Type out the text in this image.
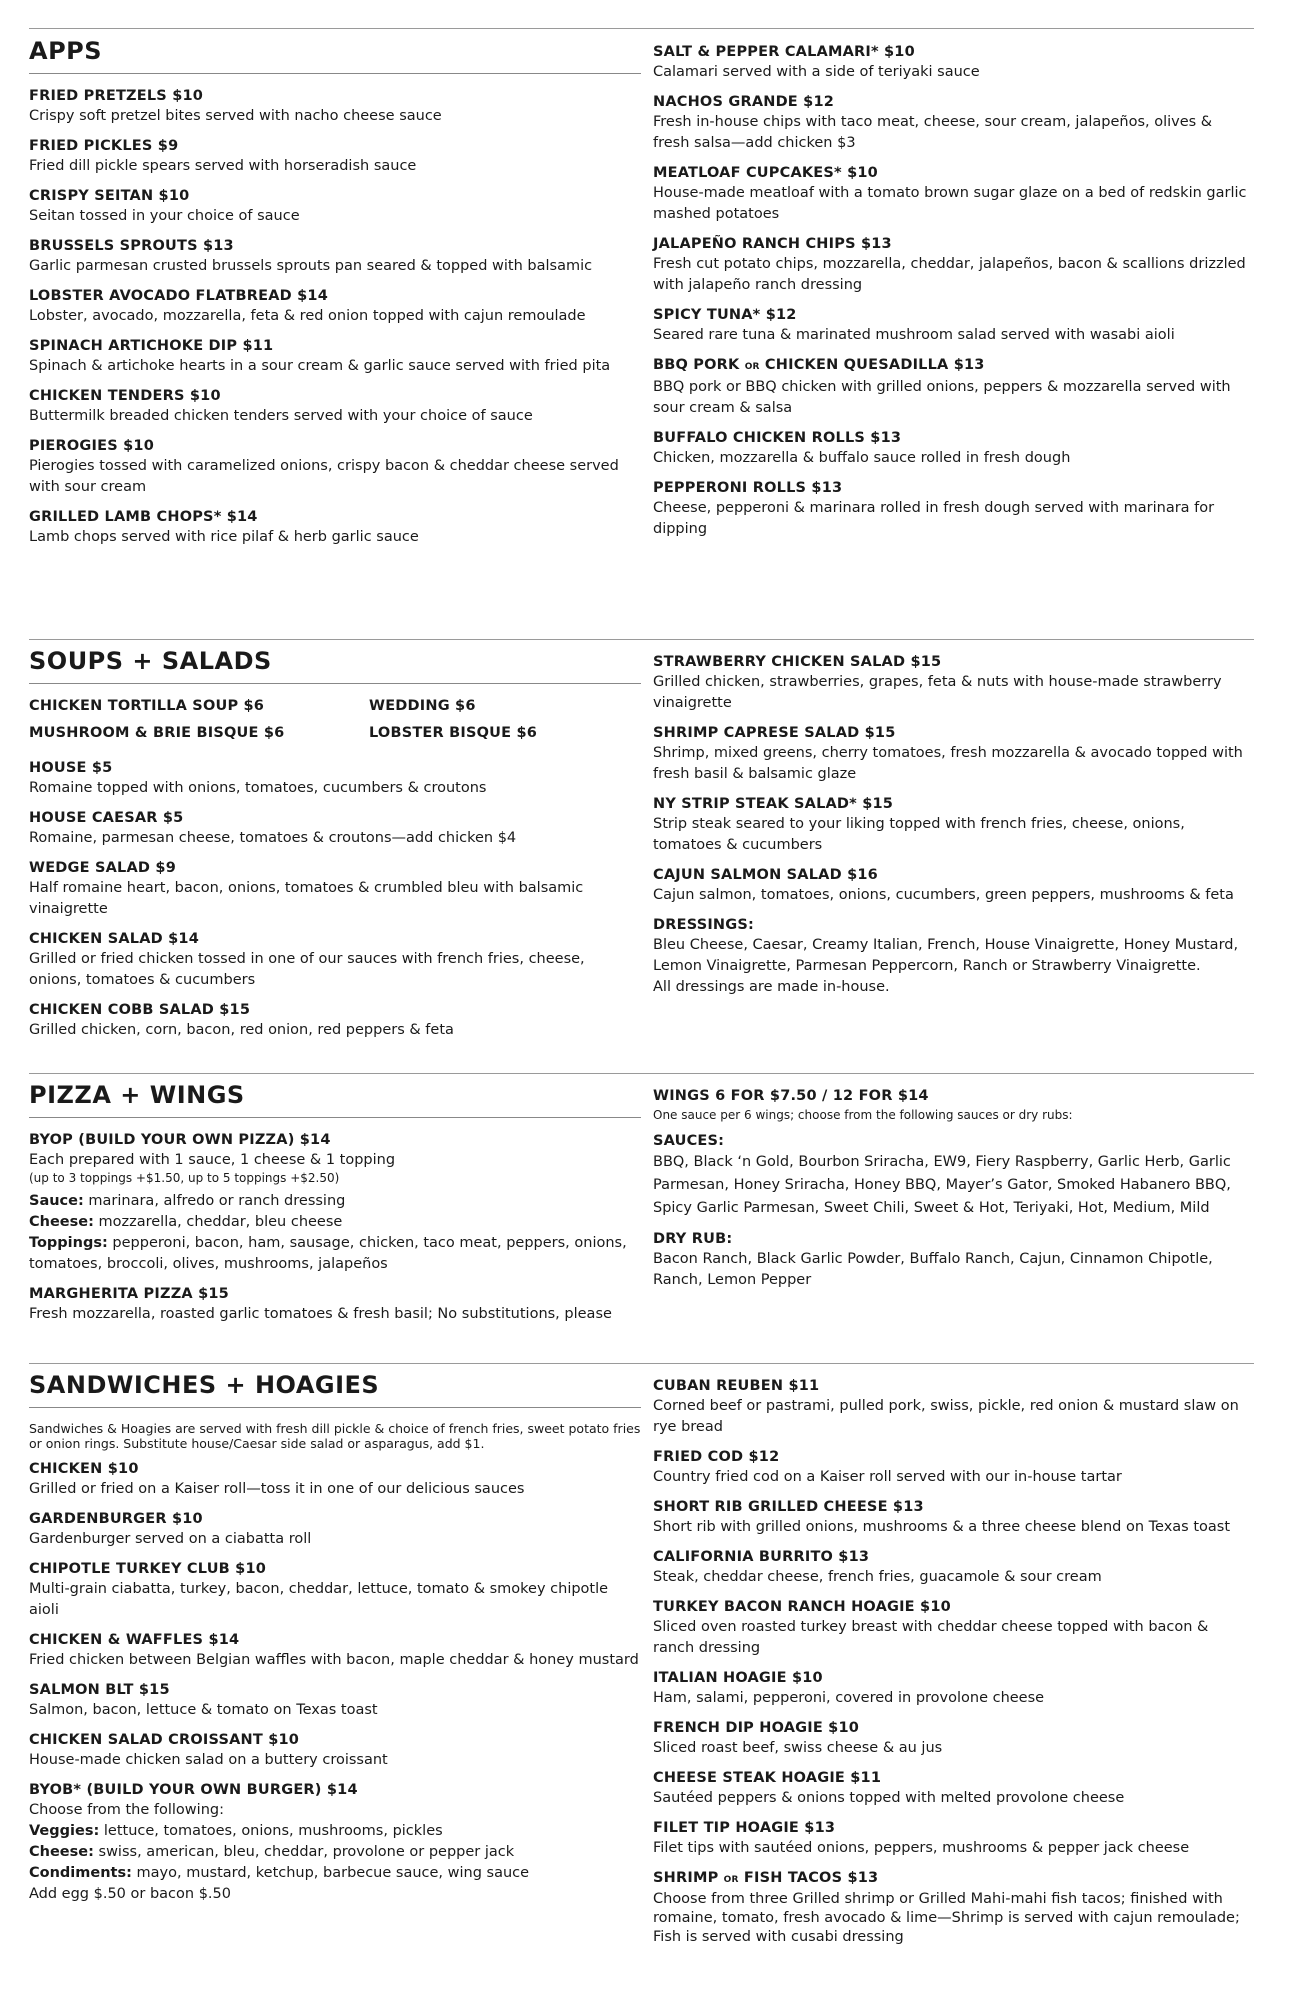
APPS
FRIED PRETZELS $10
Crispy soft pretzel bites served with nacho cheese sauce
FRIED PICKLES $9
Fried dill pickle spears served with horseradish sauce
CRISPY SEITAN $10
Seitan tossed in your choice of sauce
BRUSSELS SPROUTS $13
Garlic parmesan crusted brussels sprouts pan seared & topped with balsamic
LOBSTER AVOCADO FLATBREAD $14
Lobster, avocado, mozzarella, feta & red onion topped with cajun remoulade
SPINACH ARTICHOKE DIP $11
Spinach & artichoke hearts in a sour cream & garlic sauce served with fried pita
CHICKEN TENDERS $10
Buttermilk breaded chicken tenders served with your choice of sauce
PIEROGIES $10
Pierogies tossed with caramelized onions, crispy bacon & cheddar cheese served with sour cream
GRILLED LAMB CHOPS* $14
Lamb chops served with rice pilaf & herb garlic sauce
SALT & PEPPER CALAMARI* $10
Calamari served with a side of teriyaki sauce
NACHOS GRANDE $12
Fresh in-house chips with taco meat, cheese, sour cream, jalapeños, olives & fresh salsa—add chicken $3
MEATLOAF CUPCAKES* $10
House-made meatloaf with a tomato brown sugar glaze on a bed of redskin garlic mashed potatoes
JALAPEÑO RANCH CHIPS $13
Fresh cut potato chips, mozzarella, cheddar, jalapeños, bacon & scallions drizzled with jalapeño ranch dressing
SPICY TUNA* $12
Seared rare tuna & marinated mushroom salad served with wasabi aioli
BBQ PORK OR CHICKEN QUESADILLA $13
BBQ pork or BBQ chicken with grilled onions, peppers & mozzarella served with sour cream & salsa
BUFFALO CHICKEN ROLLS $13
Chicken, mozzarella & buffalo sauce rolled in fresh dough
PEPPERONI ROLLS $13
Cheese, pepperoni & marinara rolled in fresh dough served with marinara for dipping
SOUPS + SALADS
CHICKEN TORTILLA SOUP $6	WEDDING $6
MUSHROOM & BRIE BISQUE $6	LOBSTER BISQUE $6
HOUSE $5
Romaine topped with onions, tomatoes, cucumbers & croutons
HOUSE CAESAR $5
Romaine, parmesan cheese, tomatoes & croutons—add chicken $4
WEDGE SALAD $9
Half romaine heart, bacon, onions, tomatoes & crumbled bleu with balsamic vinaigrette
CHICKEN SALAD $14
Grilled or fried chicken tossed in one of our sauces with french fries, cheese, onions, tomatoes & cucumbers
CHICKEN COBB SALAD $15
Grilled chicken, corn, bacon, red onion, red peppers & feta
STRAWBERRY CHICKEN SALAD $15
Grilled chicken, strawberries, grapes, feta & nuts with house-made strawberry vinaigrette
SHRIMP CAPRESE SALAD $15
Shrimp, mixed greens, cherry tomatoes, fresh mozzarella & avocado topped with fresh basil & balsamic glaze
NY STRIP STEAK SALAD* $15
Strip steak seared to your liking topped with french fries, cheese, onions, tomatoes & cucumbers
CAJUN SALMON SALAD $16
Cajun salmon, tomatoes, onions, cucumbers, green peppers, mushrooms & feta
DRESSINGS:
Bleu Cheese, Caesar, Creamy Italian, French, House Vinaigrette, Honey Mustard, Lemon Vinaigrette, Parmesan Peppercorn, Ranch or Strawberry Vinaigrette.
All dressings are made in-house.
PIZZA + WINGS
BYOP (BUILD YOUR OWN PIZZA) $14
Each prepared with 1 sauce, 1 cheese & 1 topping
(up to 3 toppings +$1.50, up to 5 toppings +$2.50)
Sauce: marinara, alfredo or ranch dressing
Cheese: mozzarella, cheddar, bleu cheese
Toppings: pepperoni, bacon, ham, sausage, chicken, taco meat, peppers, onions, tomatoes, broccoli, olives, mushrooms, jalapeños
MARGHERITA PIZZA $15
Fresh mozzarella, roasted garlic tomatoes & fresh basil; No substitutions, please
WINGS 6 FOR $7.50 / 12 FOR $14
One sauce per 6 wings; choose from the following sauces or dry rubs:
SAUCES:
BBQ, Black ‘n Gold, Bourbon Sriracha, EW9, Fiery Raspberry, Garlic Herb, Garlic Parmesan, Honey Sriracha, Honey BBQ, Mayer’s Gator, Smoked Habanero BBQ, Spicy Garlic Parmesan, Sweet Chili, Sweet & Hot, Teriyaki, Hot, Medium, Mild
DRY RUB:
Bacon Ranch, Black Garlic Powder, Buffalo Ranch, Cajun, Cinnamon Chipotle, Ranch, Lemon Pepper
SANDWICHES + HOAGIES
Sandwiches & Hoagies are served with fresh dill pickle & choice of french fries, sweet potato fries or onion rings. Substitute house/Caesar side salad or asparagus, add $1.
CHICKEN $10
Grilled or fried on a Kaiser roll—toss it in one of our delicious sauces
GARDENBURGER $10
Gardenburger served on a ciabatta roll
CHIPOTLE TURKEY CLUB $10
Multi-grain ciabatta, turkey, bacon, cheddar, lettuce, tomato & smokey chipotle aioli
CHICKEN & WAFFLES $14
Fried chicken between Belgian waffles with bacon, maple cheddar & honey mustard
SALMON BLT $15
Salmon, bacon, lettuce & tomato on Texas toast
CHICKEN SALAD CROISSANT $10
House-made chicken salad on a buttery croissant
BYOB* (BUILD YOUR OWN BURGER) $14
Choose from the following:
Veggies: lettuce, tomatoes, onions, mushrooms, pickles
Cheese: swiss, american, bleu, cheddar, provolone or pepper jack
Condiments: mayo, mustard, ketchup, barbecue sauce, wing sauce
Add egg $.50 or bacon $.50
CUBAN REUBEN $11
Corned beef or pastrami, pulled pork, swiss, pickle, red onion & mustard slaw on rye bread
FRIED COD $12
Country fried cod on a Kaiser roll served with our in-house tartar
SHORT RIB GRILLED CHEESE $13
Short rib with grilled onions, mushrooms & a three cheese blend on Texas toast
CALIFORNIA BURRITO $13
Steak, cheddar cheese, french fries, guacamole & sour cream
TURKEY BACON RANCH HOAGIE $10
Sliced oven roasted turkey breast with cheddar cheese topped with bacon & ranch dressing
ITALIAN HOAGIE $10
Ham, salami, pepperoni, covered in provolone cheese
FRENCH DIP HOAGIE $10
Sliced roast beef, swiss cheese & au jus
CHEESE STEAK HOAGIE $11
Sautéed peppers & onions topped with melted provolone cheese
FILET TIP HOAGIE $13
Filet tips with sautéed onions, peppers, mushrooms & pepper jack cheese
SHRIMP OR FISH TACOS $13
Choose from three Grilled shrimp or Grilled Mahi-mahi fish tacos; finished with romaine, tomato, fresh avocado & lime—Shrimp is served with cajun remoulade; Fish is served with cusabi dressing
